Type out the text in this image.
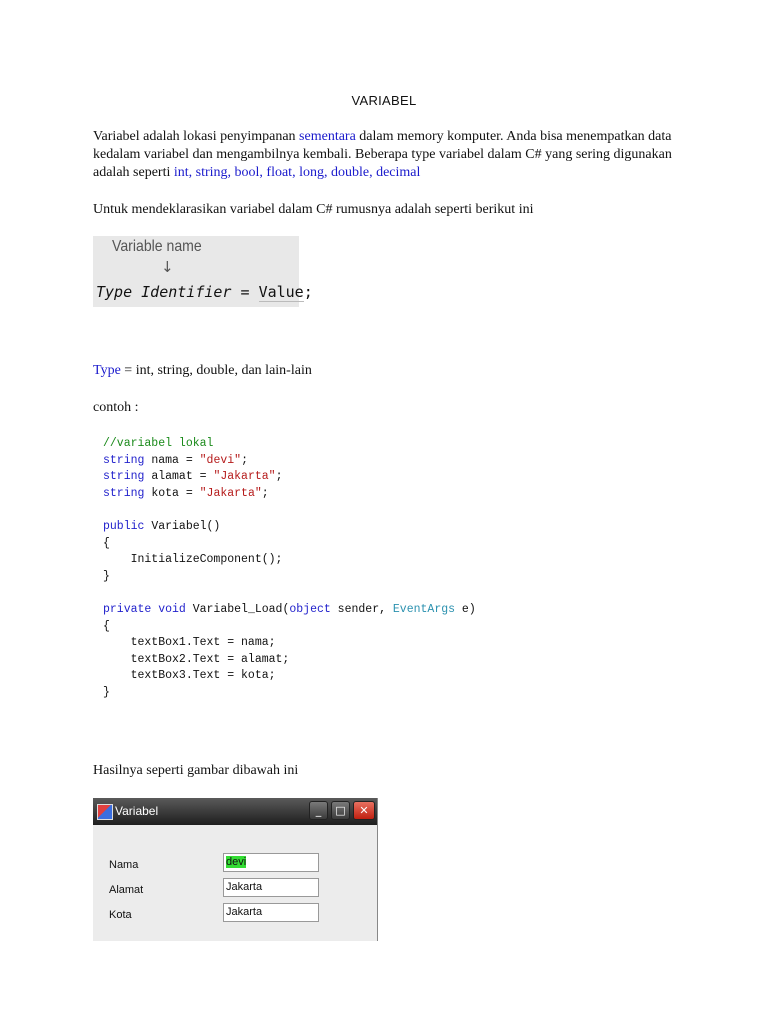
VARIABEL

Variabel adalah lokasi penyimpanan sementara dalam memory komputer. Anda bisa menempatkan data kedalam variabel dan mengambilnya kembali. Beberapa type variabel dalam C# yang sering digunakan adalah seperti int, string, bool, float, long, double, decimal

Untuk mendeklarasikan variabel dalam C# rumusnya adalah seperti berikut ini

Variable name
↓
Type Identifier = Value;

Type = int, string, double, dan lain-lain

contoh :

//variabel lokal
string nama = "devi";
string alamat = "Jakarta";
string kota = "Jakarta";

public Variabel()
{
InitializeComponent();
}

private void Variabel_Load(object sender, EventArgs e)
{
textBox1.Text = nama;
textBox2.Text = alamat;
textBox3.Text = kota;
}

Hasilnya seperti gambar dibawah ini

Variabel	_	□	✕
Nama	devi
Alamat	Jakarta
Kota	Jakarta
